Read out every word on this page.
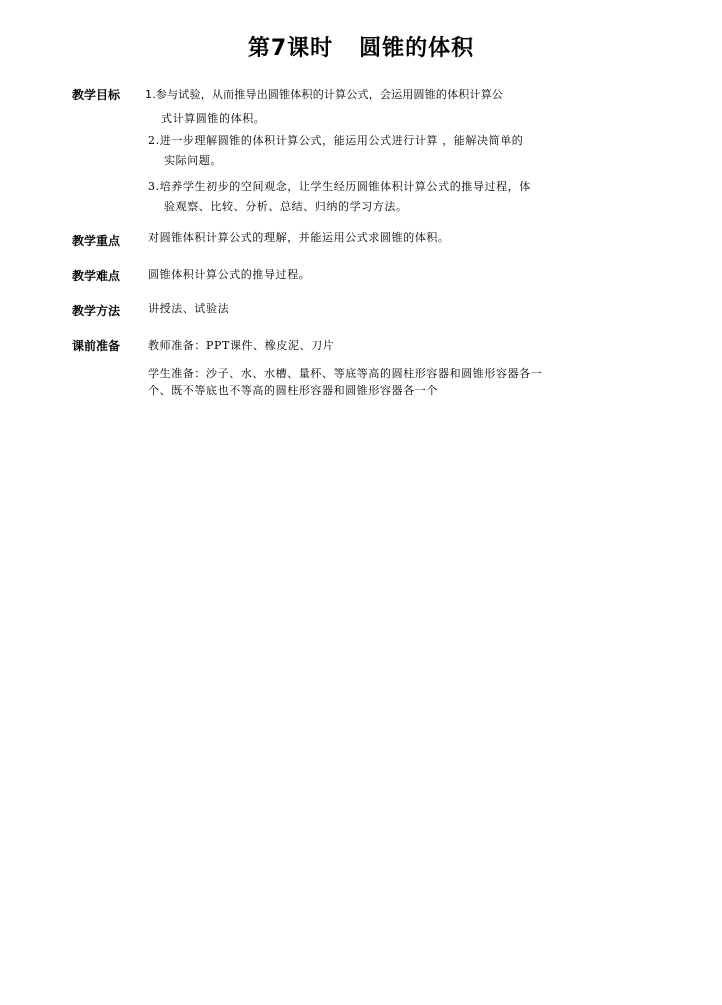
第7课时   圆锥的体积
教学目标 1.参与试验，从而推导出圆锥体积的计算公式，会运用圆锥的体积计算公
式计算圆锥的体积。
2.进一步理解圆锥的体积计算公式，能运用公式进行计算 ，能解决简单的
实际问题。
3.培养学生初步的空间观念，让学生经历圆锥体积计算公式的推导过程，体
验观察、比较、分析、总结、归纳的学习方法。
教学重点	对圆锥体积计算公式的理解，并能运用公式求圆锥的体积。
教学难点	圆锥体积计算公式的推导过程。
教学方法	讲授法、试验法
课前准备	教师准备：PPT课件、橡皮泥、刀片
学生准备：沙子、水、水槽、量杯、等底等高的圆柱形容器和圆锥形容器各一
个、既不等底也不等高的圆柱形容器和圆锥形容器各一个
